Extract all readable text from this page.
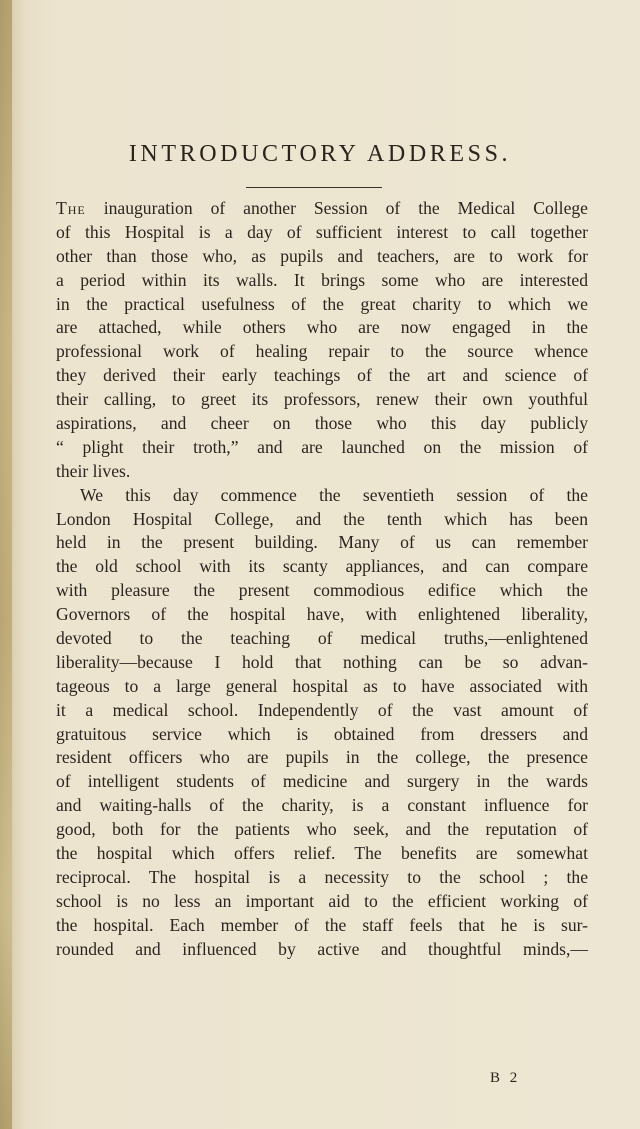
INTRODUCTORY ADDRESS.
The inauguration of another Session of the Medical College
of this Hospital is a day of sufficient interest to call together
other than those who, as pupils and teachers, are to work for
a period within its walls. It brings some who are interested
in the practical usefulness of the great charity to which we
are attached, while others who are now engaged in the
professional work of healing repair to the source whence
they derived their early teachings of the art and science of
their calling, to greet its professors, renew their own youthful
aspirations, and cheer on those who this day publicly
“ plight their troth,” and are launched on the mission of
their lives.
We this day commence the seventieth session of the
London Hospital College, and the tenth which has been
held in the present building. Many of us can remember
the old school with its scanty appliances, and can compare
with pleasure the present commodious edifice which the
Governors of the hospital have, with enlightened liberality,
devoted to the teaching of medical truths,—enlightened
liberality—because I hold that nothing can be so advan-
tageous to a large general hospital as to have associated with
it a medical school. Independently of the vast amount of
gratuitous service which is obtained from dressers and
resident officers who are pupils in the college, the presence
of intelligent students of medicine and surgery in the wards
and waiting-halls of the charity, is a constant influence for
good, both for the patients who seek, and the reputation of
the hospital which offers relief. The benefits are somewhat
reciprocal. The hospital is a necessity to the school ; the
school is no less an important aid to the efficient working of
the hospital. Each member of the staff feels that he is sur-
rounded and influenced by active and thoughtful minds,—
B 2
